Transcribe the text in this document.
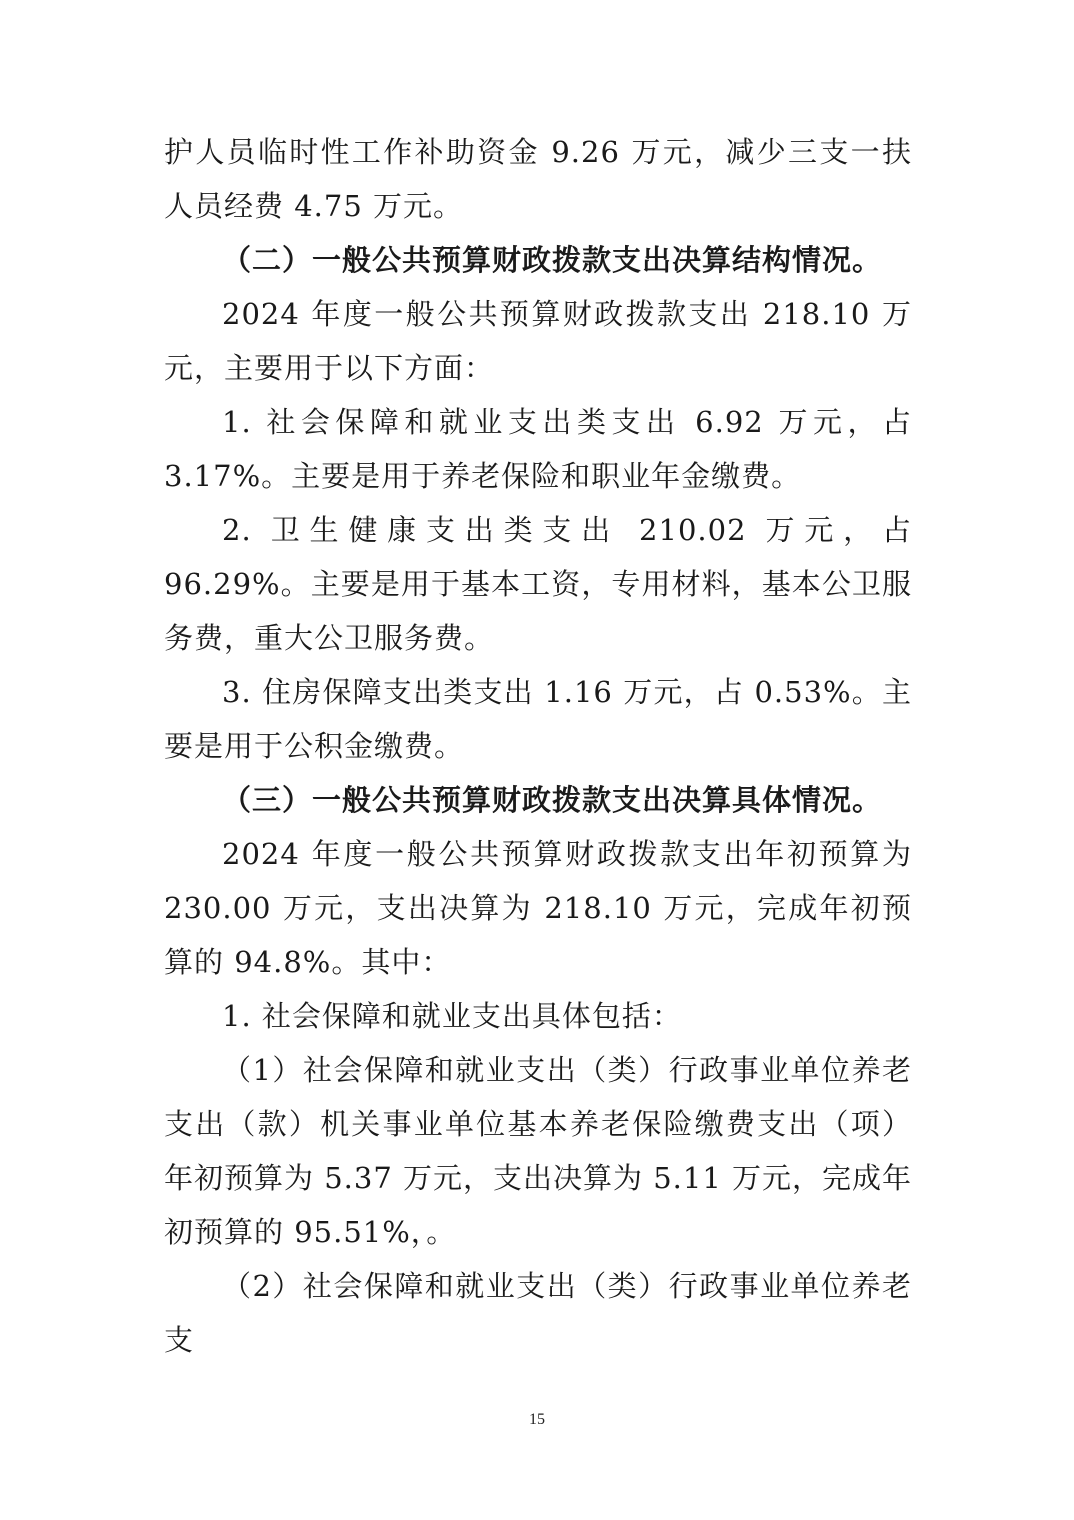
护人员临时性工作补助资金 9.26 万元，减少三支一扶人员经费 4.75 万元。

（二）一般公共预算财政拨款支出决算结构情况。

2024 年度一般公共预算财政拨款支出 218.10 万元，主要用于以下方面：

1. 社会保障和就业支出类支出 6.92 万元，占 3.17%。主要是用于养老保险和职业年金缴费。

2. 卫生健康支出类支出 210.02 万元，占 96.29%。主要是用于基本工资，专用材料，基本公卫服务费，重大公卫服务费。

3. 住房保障支出类支出 1.16 万元，占 0.53%。主要是用于公积金缴费。

（三）一般公共预算财政拨款支出决算具体情况。

2024 年度一般公共预算财政拨款支出年初预算为 230.00 万元，支出决算为 218.10 万元，完成年初预算的 94.8%。其中：

1. 社会保障和就业支出具体包括：

（1）社会保障和就业支出（类）行政事业单位养老支出（款）机关事业单位基本养老保险缴费支出（项）年初预算为 5.37 万元，支出决算为 5.11 万元，完成年初预算的 95.51%，。

（2）社会保障和就业支出（类）行政事业单位养老支

15
